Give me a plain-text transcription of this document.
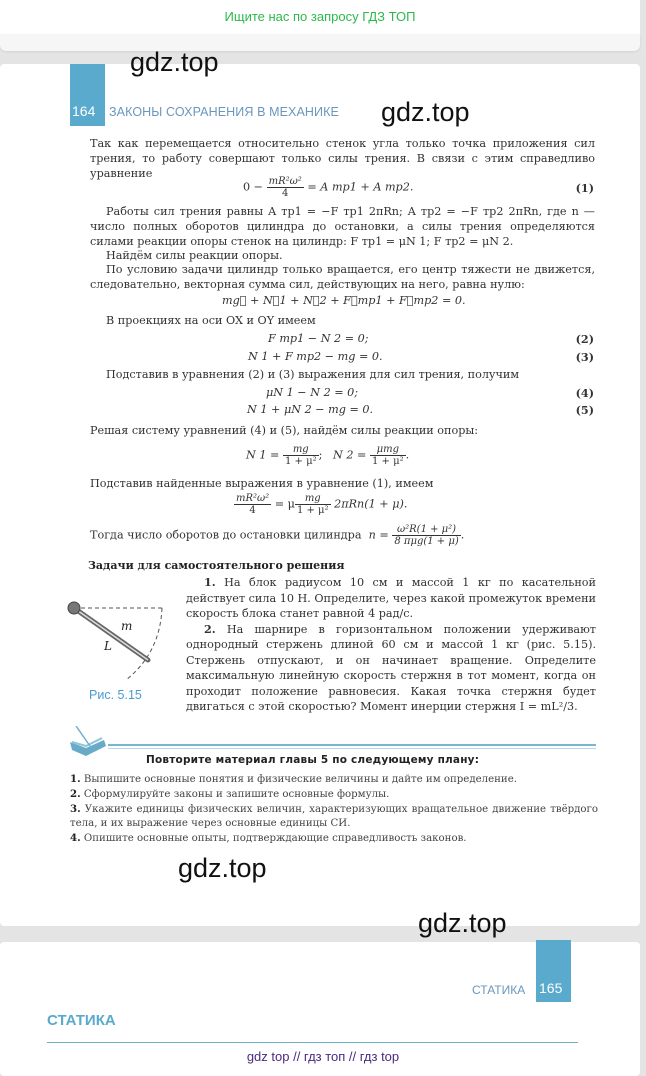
Ищите нас по запросу ГДЗ ТОП
164 ЗАКОНЫ СОХРАНЕНИЯ В МЕХАНИКЕ
gdz.top
gdz.top
gdz.top
gdz.top
Так как перемещается относительно стенок угла только точка приложения сил трения, то работу совершают только силы трения. В связи с этим справедливо уравнение
$0 - \frac{\text{mR²ω²}}{4} = A$ тр1 + A тр2.	(1)
Работы сил трения равны A тр1 = −F тр1 2πRn; A тр2 = −F тр2 2πRn, где n — число полных оборотов цилиндра до остановки, а силы трения определяются силами реакции опоры стенок на цилиндр: F тр1 = μN 1; F тр2 = μN 2.
Найдём силы реакции опоры.
По условию задачи цилиндр только вращается, его центр тяжести не движется, следовательно, векторная сумма сил, действующих на него, равна нулю:
mg⃗ + N⃗1 + N⃗2 + F⃗тр1 + F⃗тр2 = 0.
В проекциях на оси OX и OY имеем
F тр1 − N 2 = 0;	(2)
N 1 + F тр2 − mg = 0.	(3)
Подставив в уравнения (2) и (3) выражения для сил трения, получим
μN 1 − N 2 = 0;	(4)
N 1 + μN 2 − mg = 0.	(5)
Решая систему уравнений (4) и (5), найдём силы реакции опоры:
N $1 = \frac{mg}{\text{1 + μ²}}$ ; N $2 = \frac{\text{μmg}}{\text{1 + μ²}}$ .
Подставив найденные выражения в уравнение (1), имеем
$\frac{\text{mR²ω²}}{4} = \mu \frac{mg}{\text{1 + μ²}} 2\pi Rn(1 + \mu)$.
Тогда число оборотов до остановки цилиндра $n = \frac{\text{ω²R(1 + μ²)}}{\text{8 πμg(1 + μ)}}$ .
Задачи для самостоятельного решения

1. На блок радиусом 10 см и массой 1 кг по касательной действует сила 10 Н. Определите, через какой промежуток времени скорость блока станет равной 4 рад/с.

2. На шарнире в горизонтальном положении удерживают однородный стержень длиной 60 см и массой 1 кг (рис. 5.15). Стержень отпускают, и он начинает вращение. Определите максимальную линейную скорость стержня в тот момент, когда он проходит положение равновесия. Какая точка стержня будет двигаться с этой скоростью? Момент инерции стержня I = mL²/3.

m
L
Рис. 5.15
Повторите материал главы 5 по следующему плану:

1. Выпишите основные понятия и физические величины и дайте им определение.

2. Сформулируйте законы и запишите основные формулы.

3. Укажите единицы физических величин, характеризующих вращательное движение твёрдого тела, и их выражение через основные единицы СИ.

4. Опишите основные опыты, подтверждающие справедливость законов.

165
СТАТИКА
СТАТИКА
gdz top // гдз топ // гдз top
